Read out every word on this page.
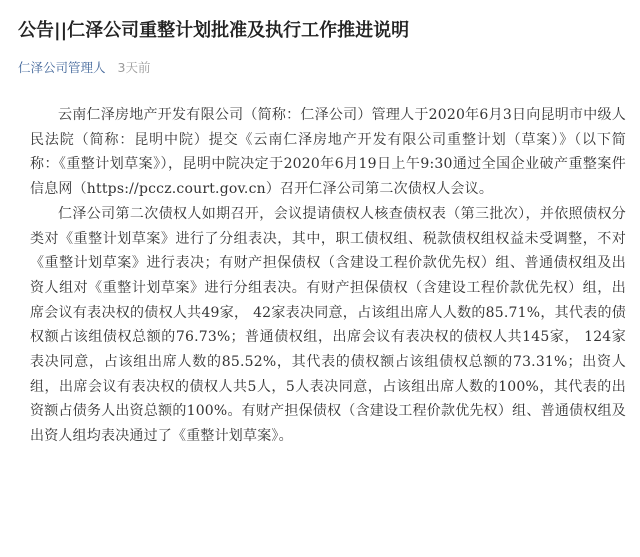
公告||仁泽公司重整计划批准及执行工作推进说明
仁泽公司管理人 3天前

云南仁泽房地产开发有限公司（简称：仁泽公司）管理人于2020年6月3日向昆明市中级人民法院（简称：昆明中院）提交《云南仁泽房地产开发有限公司重整计划（草案）》（以下简称：《重整计划草案》），昆明中院决定于2020年6月19日上午9:30通过全国企业破产重整案件信息网（https://pccz.court.gov.cn）召开仁泽公司第二次债权人会议。

仁泽公司第二次债权人如期召开，会议提请债权人核查债权表（第三批次），并依照债权分类对《重整计划草案》进行了分组表决，其中，职工债权组、税款债权组权益未受调整，不对《重整计划草案》进行表决；有财产担保债权（含建设工程价款优先权）组、普通债权组及出资人组对《重整计划草案》进行分组表决。有财产担保债权（含建设工程价款优先权）组，出席会议有表决权的债权人共49家， 42家表决同意，占该组出席人人数的85.71%，其代表的债权额占该组债权总额的76.73%；普通债权组，出席会议有表决权的债权人共145家， 124家表决同意，占该组出席人数的85.52%，其代表的债权额占该组债权总额的73.31%；出资人组，出席会议有表决权的债权人共5人，5人表决同意，占该组出席人数的100%，其代表的出资额占债务人出资总额的100%。有财产担保债权（含建设工程价款优先权）组、普通债权组及出资人组均表决通过了《重整计划草案》。
